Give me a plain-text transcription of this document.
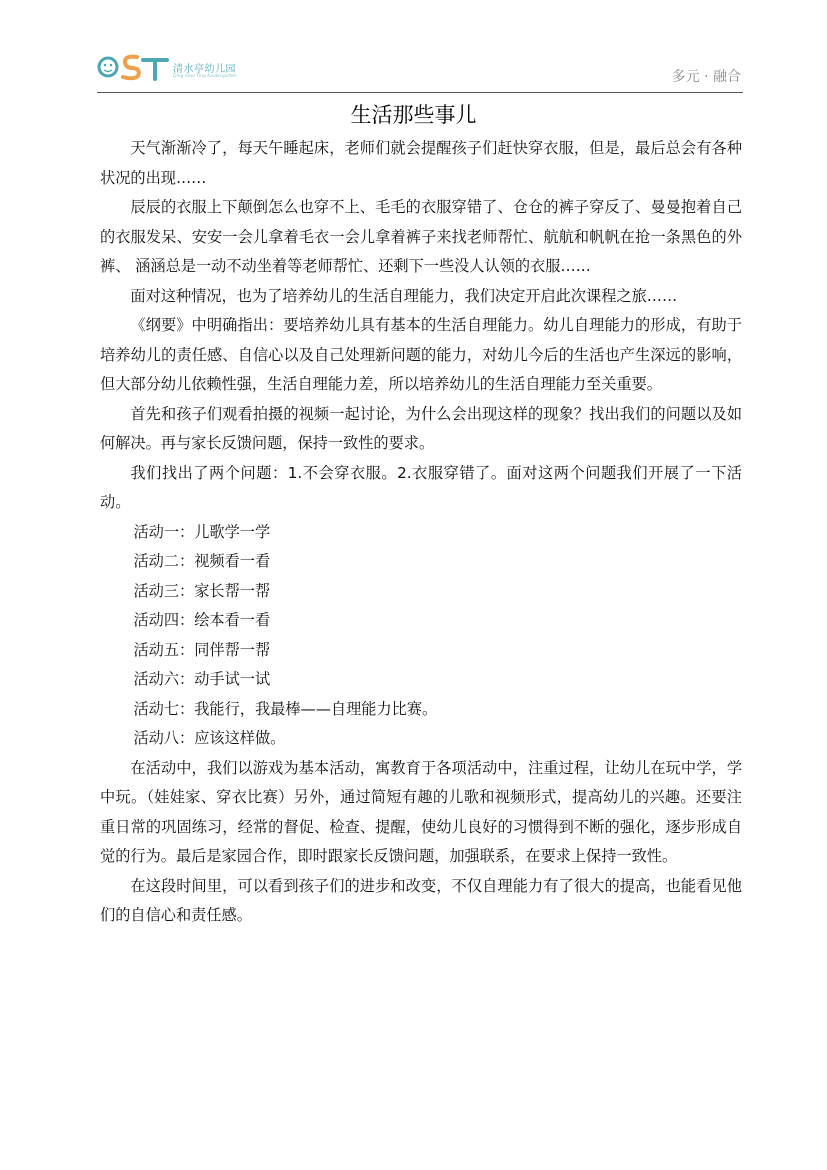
清水亭幼儿园
Qing Shui Ting Kindergarten	多元 · 融合
生活那些事儿

天气渐渐冷了，每天午睡起床，老师们就会提醒孩子们赶快穿衣服，但是，最后总会有各种状况的出现……

辰辰的衣服上下颠倒怎么也穿不上、毛毛的衣服穿错了、仓仓的裤子穿反了、曼曼抱着自己的衣服发呆、安安一会儿拿着毛衣一会儿拿着裤子来找老师帮忙、航航和帆帆在抢一条黑色的外裤、 涵涵总是一动不动坐着等老师帮忙、还剩下一些没人认领的衣服……

面对这种情况，也为了培养幼儿的生活自理能力，我们决定开启此次课程之旅……

《纲要》中明确指出：要培养幼儿具有基本的生活自理能力。幼儿自理能力的形成，有助于培养幼儿的责任感、自信心以及自己处理新问题的能力，对幼儿今后的生活也产生深远的影响，但大部分幼儿依赖性强，生活自理能力差，所以培养幼儿的生活自理能力至关重要。

首先和孩子们观看拍摄的视频一起讨论，为什么会出现这样的现象？找出我们的问题以及如何解决。再与家长反馈问题，保持一致性的要求。

我们找出了两个问题：1.不会穿衣服。2.衣服穿错了。面对这两个问题我们开展了一下活动。

活动一：儿歌学一学

活动二：视频看一看

活动三：家长帮一帮

活动四：绘本看一看

活动五：同伴帮一帮

活动六：动手试一试

活动七：我能行，我最棒——自理能力比赛。

活动八：应该这样做。

在活动中，我们以游戏为基本活动，寓教育于各项活动中，注重过程，让幼儿在玩中学，学中玩。（娃娃家、穿衣比赛）另外，通过简短有趣的儿歌和视频形式，提高幼儿的兴趣。还要注重日常的巩固练习，经常的督促、检查、提醒，使幼儿良好的习惯得到不断的强化，逐步形成自觉的行为。最后是家园合作，即时跟家长反馈问题，加强联系，在要求上保持一致性。

在这段时间里，可以看到孩子们的进步和改变，不仅自理能力有了很大的提高，也能看见他们的自信心和责任感。
